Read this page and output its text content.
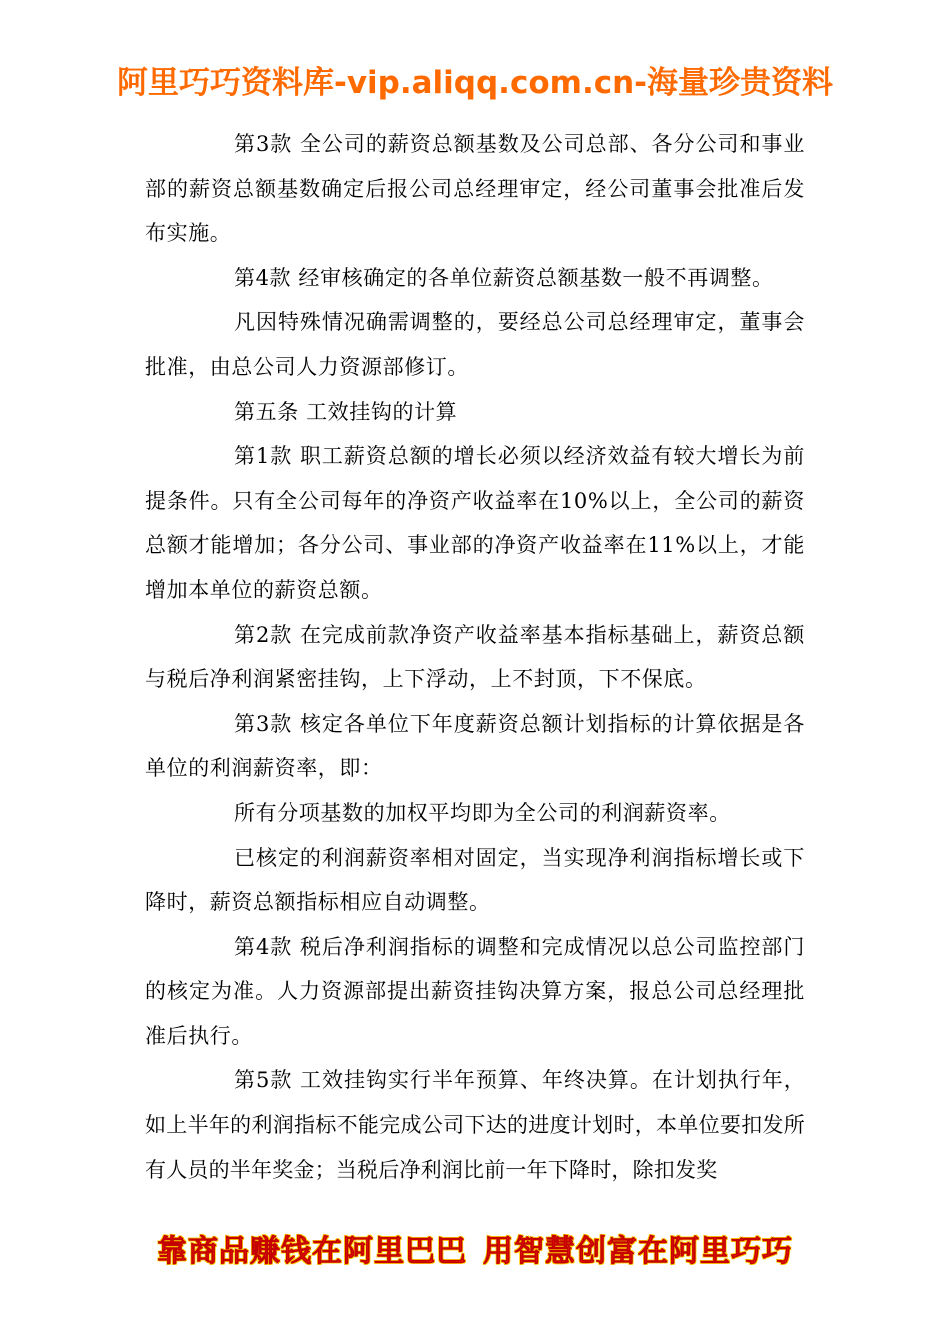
阿里巧巧资料库-vip.aliqq.com.cn-海量珍贵资料

第3款 全公司的薪资总额基数及公司总部、各分公司和事业部的薪资总额基数确定后报公司总经理审定，经公司董事会批准后发布实施。

第4款 经审核确定的各单位薪资总额基数一般不再调整。

凡因特殊情况确需调整的，要经总公司总经理审定，董事会批准，由总公司人力资源部修订。

第五条 工效挂钩的计算

第1款 职工薪资总额的增长必须以经济效益有较大增长为前提条件。只有全公司每年的净资产收益率在10%以上，全公司的薪资总额才能增加；各分公司、事业部的净资产收益率在11%以上，才能增加本单位的薪资总额。

第2款 在完成前款净资产收益率基本指标基础上，薪资总额与税后净利润紧密挂钩，上下浮动，上不封顶，下不保底。

第3款 核定各单位下年度薪资总额计划指标的计算依据是各单位的利润薪资率，即：

所有分项基数的加权平均即为全公司的利润薪资率。

已核定的利润薪资率相对固定，当实现净利润指标增长或下降时，薪资总额指标相应自动调整。

第4款 税后净利润指标的调整和完成情况以总公司监控部门的核定为准。人力资源部提出薪资挂钩决算方案，报总公司总经理批准后执行。

第5款 工效挂钩实行半年预算、年终决算。在计划执行年，如上半年的利润指标不能完成公司下达的进度计划时，本单位要扣发所有人员的半年奖金；当税后净利润比前一年下降时，除扣发奖

靠商品赚钱在阿里巴巴 用智慧创富在阿里巧巧
